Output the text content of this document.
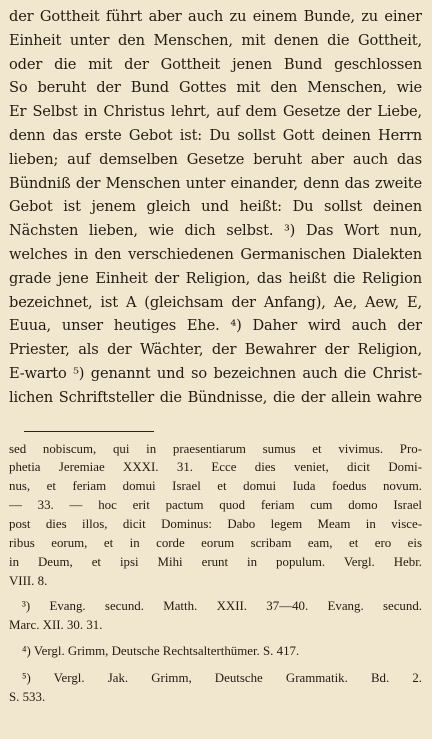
der Gottheit führt aber auch zu einem Bunde, zu einer

Einheit unter den Menschen, mit denen die Gottheit,

oder die mit der Gottheit jenen Bund geschlossen

So beruht der Bund Gottes mit den Menschen, wie

Er Selbst in Christus lehrt, auf dem Gesetze der Liebe,

denn das erste Gebot ist: Du sollst Gott deinen Herrn

lieben; auf demselben Gesetze beruht aber auch das

Bündniß der Menschen unter einander, denn das zweite

Gebot ist jenem gleich und heißt: Du sollst deinen

Nächsten lieben, wie dich selbst. ³) Das Wort nun,

welches in den verschiedenen Germanischen Dialekten

grade jene Einheit der Religion, das heißt die Religion

bezeichnet, ist A (gleichsam der Anfang), Ae, Aew, E,

Euua, unser heutiges Ehe. ⁴) Daher wird auch der

Priester, als der Wächter, der Bewahrer der Religion,

E-warto ⁵) genannt und so bezeichnen auch die Christ-

lichen Schriftsteller die Bündnisse, die der allein wahre

sed nobiscum, qui in praesentiarum sumus et vivimus. Pro-

phetia Jeremiae XXXI. 31. Ecce dies veniet, dicit Domi-

nus, et feriam domui Israel et domui Iuda foedus novum.

— 33. — hoc erit pactum quod feriam cum domo Israel

post dies illos, dicit Dominus: Dabo legem Meam in visce-

ribus eorum, et in corde eorum scribam eam, et ero eis

in Deum, et ipsi Mihi erunt in populum. Vergl. Hebr.

VIII. 8.

³) Evang. secund. Matth. XXII. 37—40. Evang. secund.

Marc. XII. 30. 31.

⁴) Vergl. Grimm, Deutsche Rechtsalterthümer. S. 417.

⁵) Vergl. Jak. Grimm, Deutsche Grammatik. Bd. 2.

S. 533.
